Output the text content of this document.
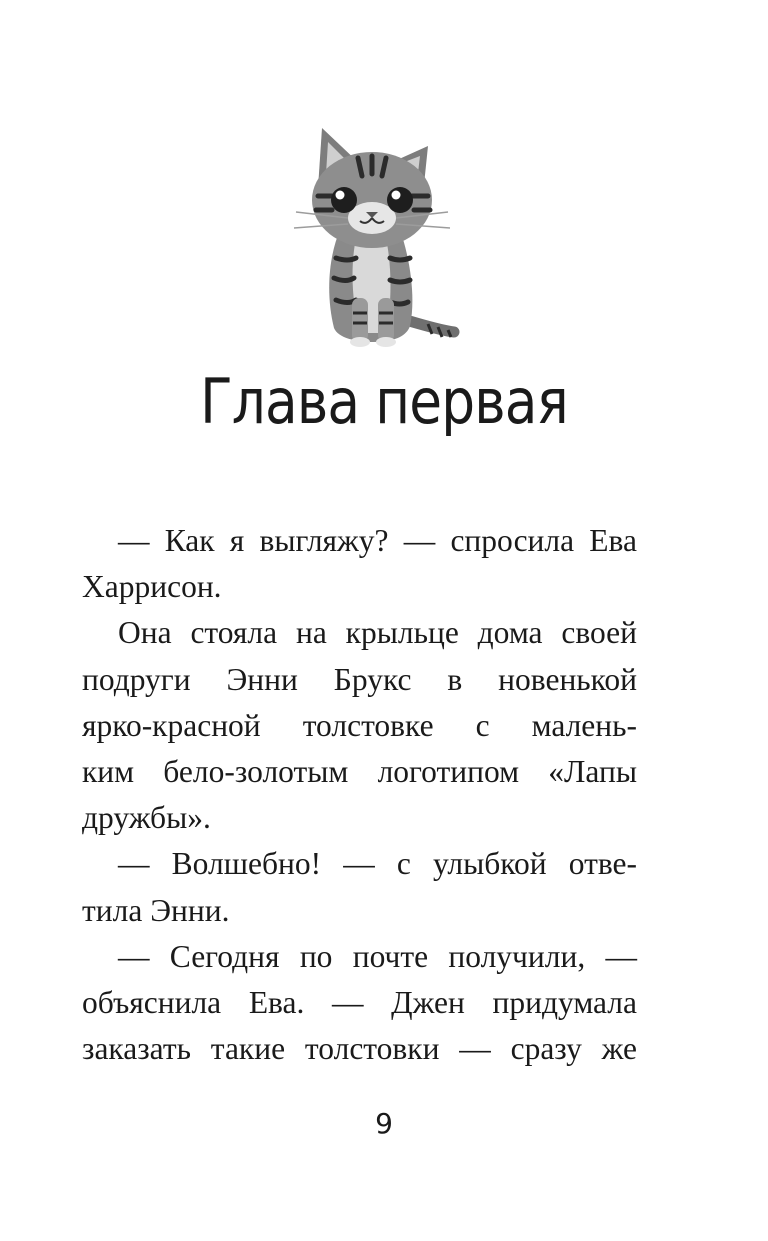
Глава первая
— Как я выгляжу? — спросила Ева
Харрисон.
Она стояла на крыльце дома своей
подруги Энни Брукс в новенькой
ярко-красной толстовке с малень-
ким бело-золотым логотипом «Лапы
дружбы».
— Волшебно! — с улыбкой отве-
тила Энни.
— Сегодня по почте получили, —
объяснила Ева. — Джен придумала
заказать такие толстовки — сразу же
9
